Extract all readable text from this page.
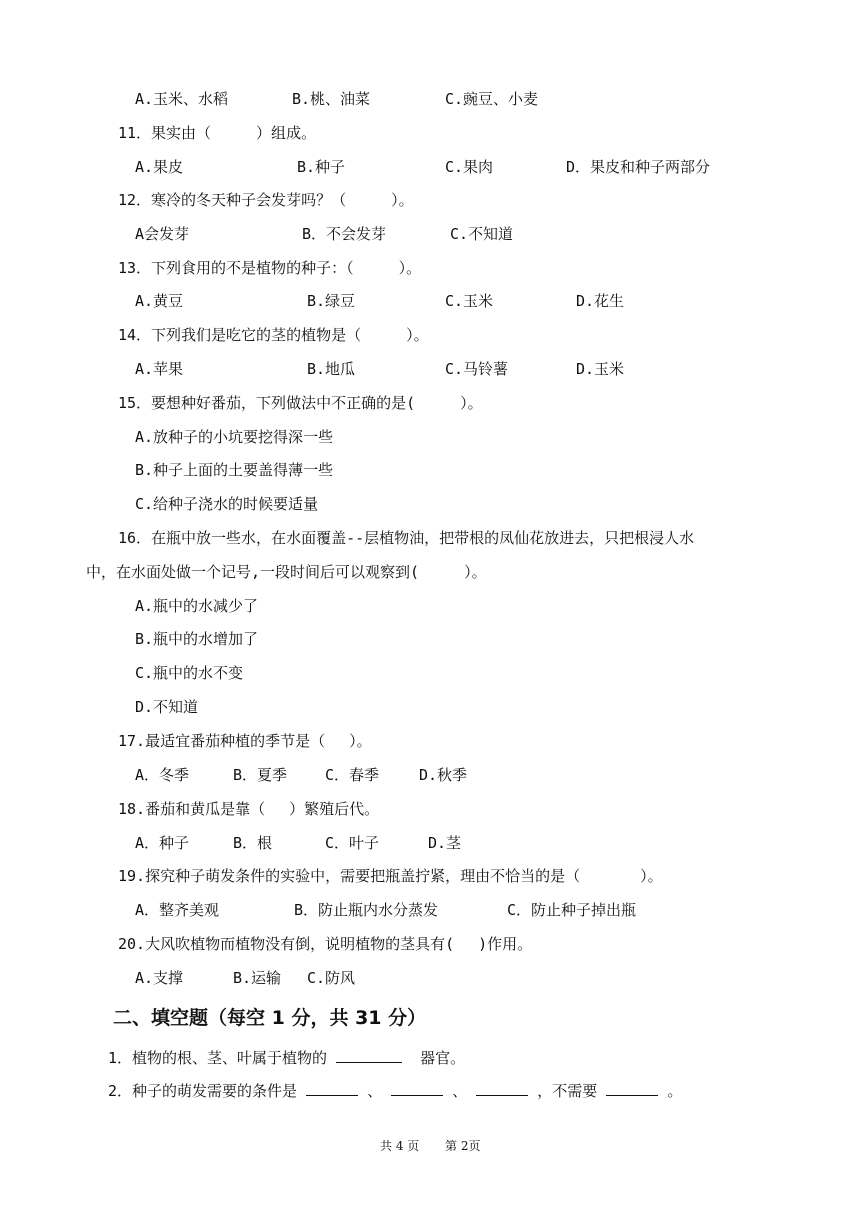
A.玉米、水稻	B.桃、油菜	C.豌豆、小麦
11．果实由（　　　）组成。
A.果皮	B.种子	C.果肉	D．果皮和种子两部分
12．寒冷的冬天种子会发芽吗？（　　　）。
A会发芽	B．不会发芽	C.不知道
13．下列食用的不是植物的种子：（　　　）。
A.黄豆	B.绿豆	C.玉米	D.花生
14．下列我们是吃它的茎的植物是（　　　）。
A.苹果	B.地瓜	C.马铃薯	D.玉米
15．要想种好番茄，下列做法中不正确的是(　　　）。
A.放种子的小坑要挖得深一些
B.种子上面的土要盖得薄一些
C.给种子浇水的时候要适量
16．在瓶中放一些水，在水面覆盖--层植物油，把带根的凤仙花放进去，只把根浸人水
中，在水面处做一个记号,一段时间后可以观察到(　　　）。
A.瓶中的水减少了
B.瓶中的水增加了
C.瓶中的水不变
D.不知道
17.最适宜番茄种植的季节是（　 ）。
A．冬季	B．夏季	C．春季	D.秋季
18.番茄和黄瓜是靠（　 ）繁殖后代。
A．种子	B．根	C．叶子	D.茎
19.探究种子萌发条件的实验中，需要把瓶盖拧紧，理由不恰当的是（　　　　）。
A．整齐美观	B．防止瓶内水分蒸发	C．防止种子掉出瓶
20.大风吹植物而植物没有倒，说明植物的茎具有(　 )作用。
A.支撑	B.运输 C.防风
二、填空题（每空 1 分，共 31 分）
1．植物的根、茎、叶属于植物的	器官。
2．种子的萌发需要的条件是	、	、	，不需要	。
共 4 页 第 2页
